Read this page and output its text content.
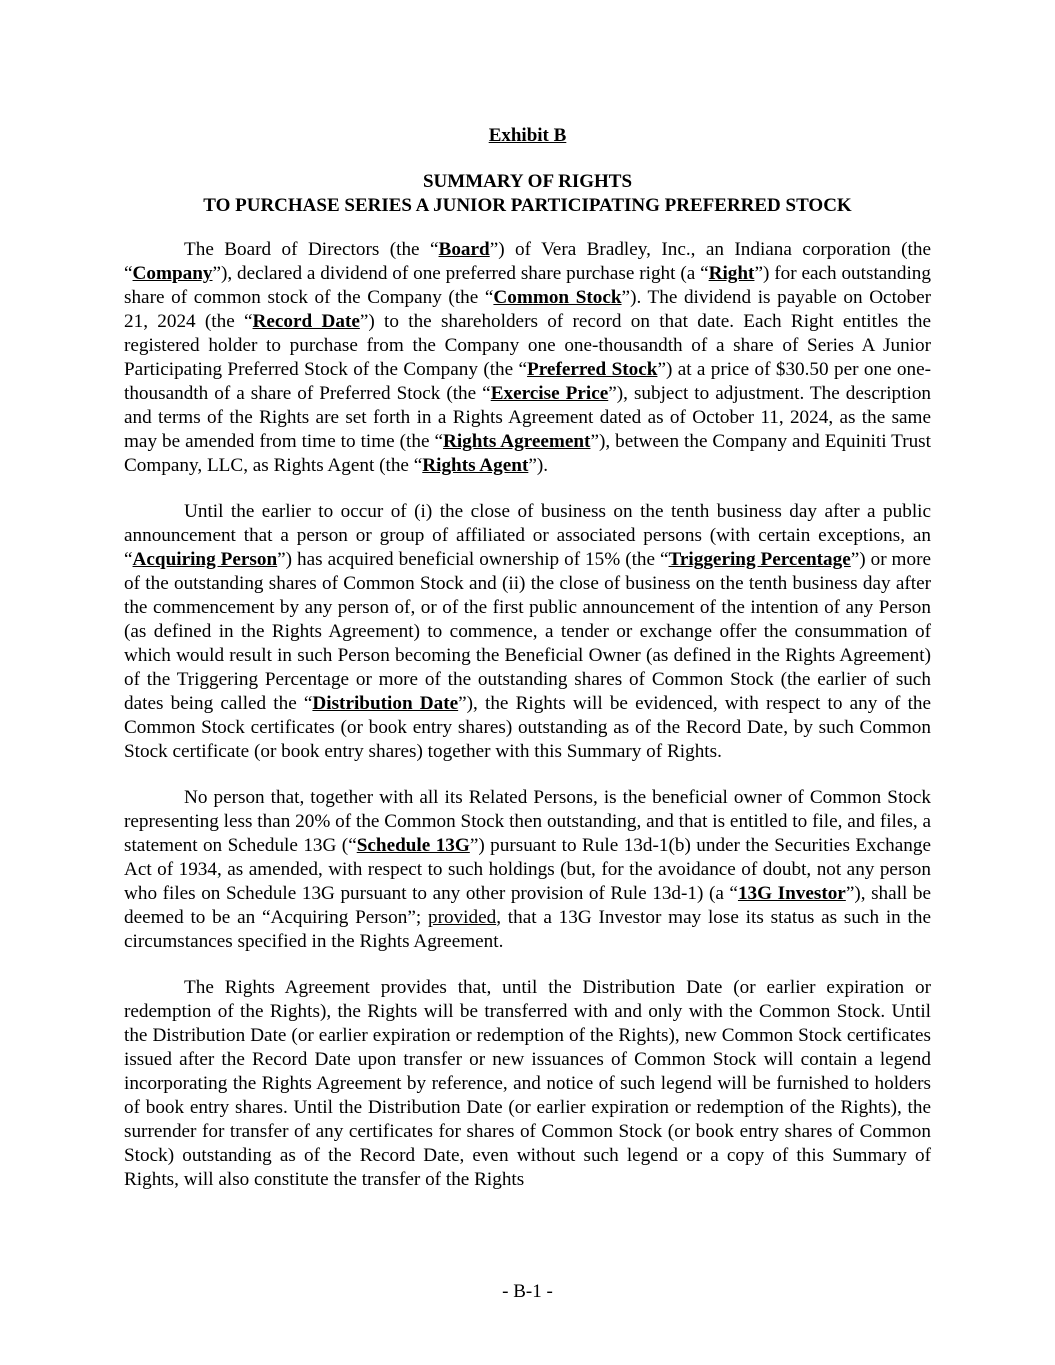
Exhibit B
SUMMARY OF RIGHTS
TO PURCHASE SERIES A JUNIOR PARTICIPATING PREFERRED STOCK

The Board of Directors (the “Board”) of Vera Bradley, Inc., an Indiana corporation (the “Company”), declared a dividend of one preferred share purchase right (a “Right”) for each outstanding share of common stock of the Company (the “Common Stock”). The dividend is payable on October 21, 2024 (the “Record Date”) to the shareholders of record on that date. Each Right entitles the registered holder to purchase from the Company one one-thousandth of a share of Series A Junior Participating Preferred Stock of the Company (the “Preferred Stock”) at a price of $30.50 per one one-thousandth of a share of Preferred Stock (the “Exercise Price”), subject to adjustment. The description and terms of the Rights are set forth in a Rights Agreement dated as of October 11, 2024, as the same may be amended from time to time (the “Rights Agreement”), between the Company and Equiniti Trust Company, LLC, as Rights Agent (the “Rights Agent”).

Until the earlier to occur of (i) the close of business on the tenth business day after a public announcement that a person or group of affiliated or associated persons (with certain exceptions, an “Acquiring Person”) has acquired beneficial ownership of 15% (the “Triggering Percentage”) or more of the outstanding shares of Common Stock and (ii) the close of business on the tenth business day after the commencement by any person of, or of the first public announcement of the intention of any Person (as defined in the Rights Agreement) to commence, a tender or exchange offer the consummation of which would result in such Person becoming the Beneficial Owner (as defined in the Rights Agreement) of the Triggering Percentage or more of the outstanding shares of Common Stock (the earlier of such dates being called the “Distribution Date”), the Rights will be evidenced, with respect to any of the Common Stock certificates (or book entry shares) outstanding as of the Record Date, by such Common Stock certificate (or book entry shares) together with this Summary of Rights.

No person that, together with all its Related Persons, is the beneficial owner of Common Stock representing less than 20% of the Common Stock then outstanding, and that is entitled to file, and files, a statement on Schedule 13G (“Schedule 13G”) pursuant to Rule 13d-1(b) under the Securities Exchange Act of 1934, as amended, with respect to such holdings (but, for the avoidance of doubt, not any person who files on Schedule 13G pursuant to any other provision of Rule 13d-1) (a “13G Investor”), shall be deemed to be an “Acquiring Person”; provided, that a 13G Investor may lose its status as such in the circumstances specified in the Rights Agreement.

The Rights Agreement provides that, until the Distribution Date (or earlier expiration or redemption of the Rights), the Rights will be transferred with and only with the Common Stock. Until the Distribution Date (or earlier expiration or redemption of the Rights), new Common Stock certificates issued after the Record Date upon transfer or new issuances of Common Stock will contain a legend incorporating the Rights Agreement by reference, and notice of such legend will be furnished to holders of book entry shares. Until the Distribution Date (or earlier expiration or redemption of the Rights), the surrender for transfer of any certificates for shares of Common Stock (or book entry shares of Common Stock) outstanding as of the Record Date, even without such legend or a copy of this Summary of Rights, will also constitute the transfer of the Rights

- B-1 -
